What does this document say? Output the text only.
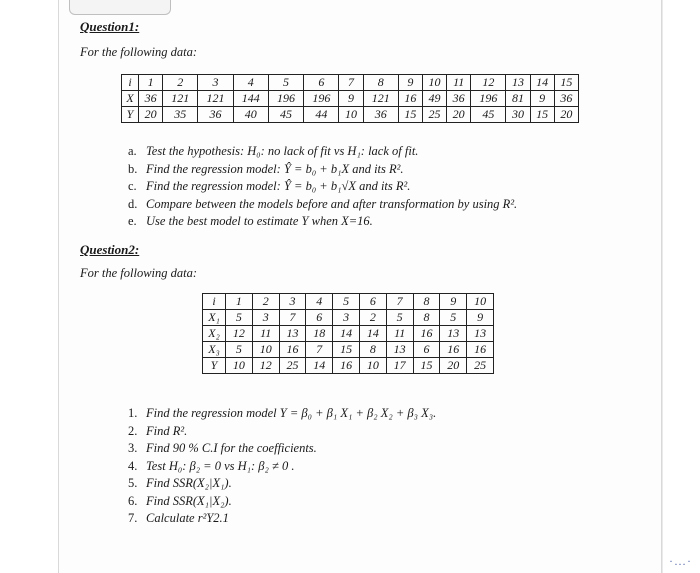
Question1:
For the following data:
i	1	2	3	4	5	6	7	8	9	10	11	12	13	14	15
X	36	121	121	144	196	196	9	121	16	49	36	196	81	9	36
Y	20	35	36	40	45	44	10	36	15	25	20	45	30	15	20
a. Test the hypothesis: H₀: no lack of fit vs H₁: lack of fit.
b. Find the regression model: Ŷ = b₀ + b₁X and its R².
c. Find the regression model: Ŷ = b₀ + b₁√X and its R².
d. Compare between the models before and after transformation by using R².
e. Use the best model to estimate Y when X=16.
Question2:
For the following data:
i	1	2	3	4	5	6	7	8	9	10
X₁	5	3	7	6	3	2	5	8	5	9
X₂	12	11	13	18	14	14	11	16	13	13
X₃	5	10	16	7	15	8	13	6	16	16
Y	10	12	25	14	16	10	17	15	20	25
1. Find the regression model Y = β₀ + β₁ X₁ + β₂ X₂ + β₃ X₃.
2. Find R².
3. Find 90 % C.I for the coefficients.
4. Test H₀: β₂ = 0 vs H₁: β₂ ≠ 0 .
5. Find SSR(X₂|X₁).
6. Find SSR(X₁|X₂).
7. Calculate r²Y2.1
·…·
